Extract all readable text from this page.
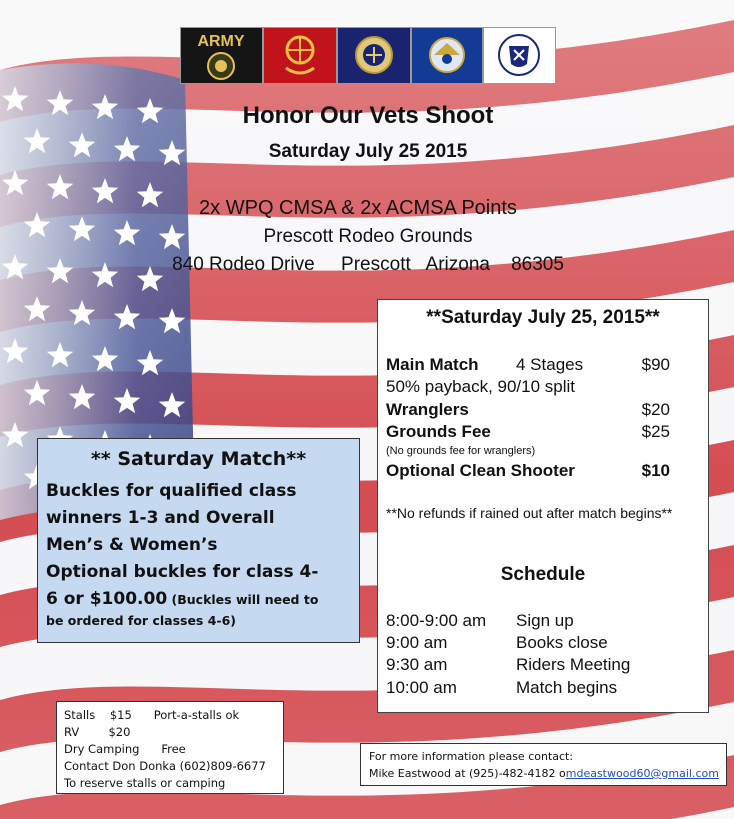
ARMY
Honor Our Vets Shoot
Saturday July 25 2015
2x WPQ CMSA & 2x ACMSA Points
Prescott Rodeo Grounds
840 Rodeo Drive     Prescott   Arizona    86305
**Saturday July 25, 2015**
Main Match 4 Stages	$90
50% payback, 90/10 split
Wranglers	$20
Grounds Fee	$25
(No grounds fee for wranglers)
Optional Clean Shooter	$10
**No refunds if rained out after match begins**
Schedule
8:00-9:00 am Sign up
9:00 am	Books close
9:30 am	Riders Meeting
10:00 am	Match begins
** Saturday Match**
Buckles for qualified class
winners 1-3 and Overall
Men’s & Women’s
Optional buckles for class 4-
6 or $100.00 (Buckles will need to
be ordered for classes 4-6)
Stalls    $15      Port-a-stalls ok
RV        $20
Dry Camping      Free
Contact Don Donka (602)809-6677
To reserve stalls or camping
For more information please contact:
Mike Eastwood at (925)-482-4182 omdeastwood60@gmail.com
